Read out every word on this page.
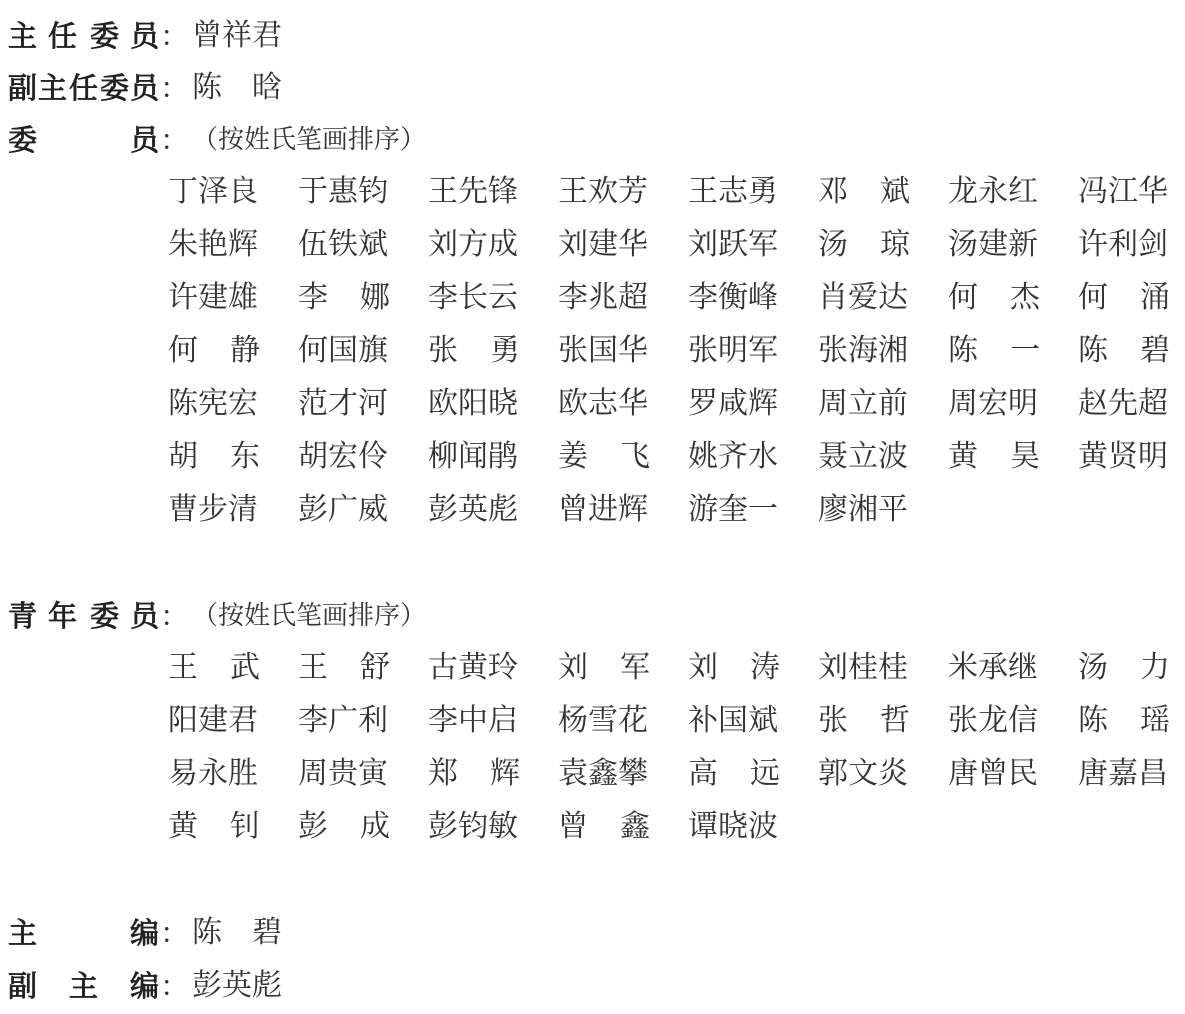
主 任 委 员 ： 曾祥君
副 主 任 委 员 ： 陈　晗
委	员 ： （按姓氏笔画排序）
丁泽良 于惠钧 王先锋 王欢芳 王志勇 邓 斌 龙永红 冯江华
朱艳辉 伍铁斌 刘方成 刘建华 刘跃军 汤 琼 汤建新 许利剑
许建雄 李 娜 李长云 李兆超 李衡峰 肖爱达 何 杰 何 涌
何 静 何国旗 张 勇 张国华 张明军 张海湘 陈 一 陈 碧
陈宪宏 范才河 欧阳晓 欧志华 罗咸辉 周立前 周宏明 赵先超
胡 东 胡宏伶 柳闻鹃 姜 飞 姚齐水 聂立波 黄 昊 黄贤明
曹步清 彭广威 彭英彪 曾进辉 游奎一 廖湘平
青 年 委 员 ： （按姓氏笔画排序）
王 武 王 舒 古黄玲 刘 军 刘 涛 刘桂桂 米承继 汤 力
阳建君 李广利 李中启 杨雪花 补国斌 张 哲 张龙信 陈 瑶
易永胜 周贵寅 郑 辉 袁鑫攀 高 远 郭文炎 唐曾民 唐嘉昌
黄 钊 彭 成 彭钧敏 曾 鑫 谭晓波
主	编 ： 陈　碧
副 主 编 ： 彭英彪
